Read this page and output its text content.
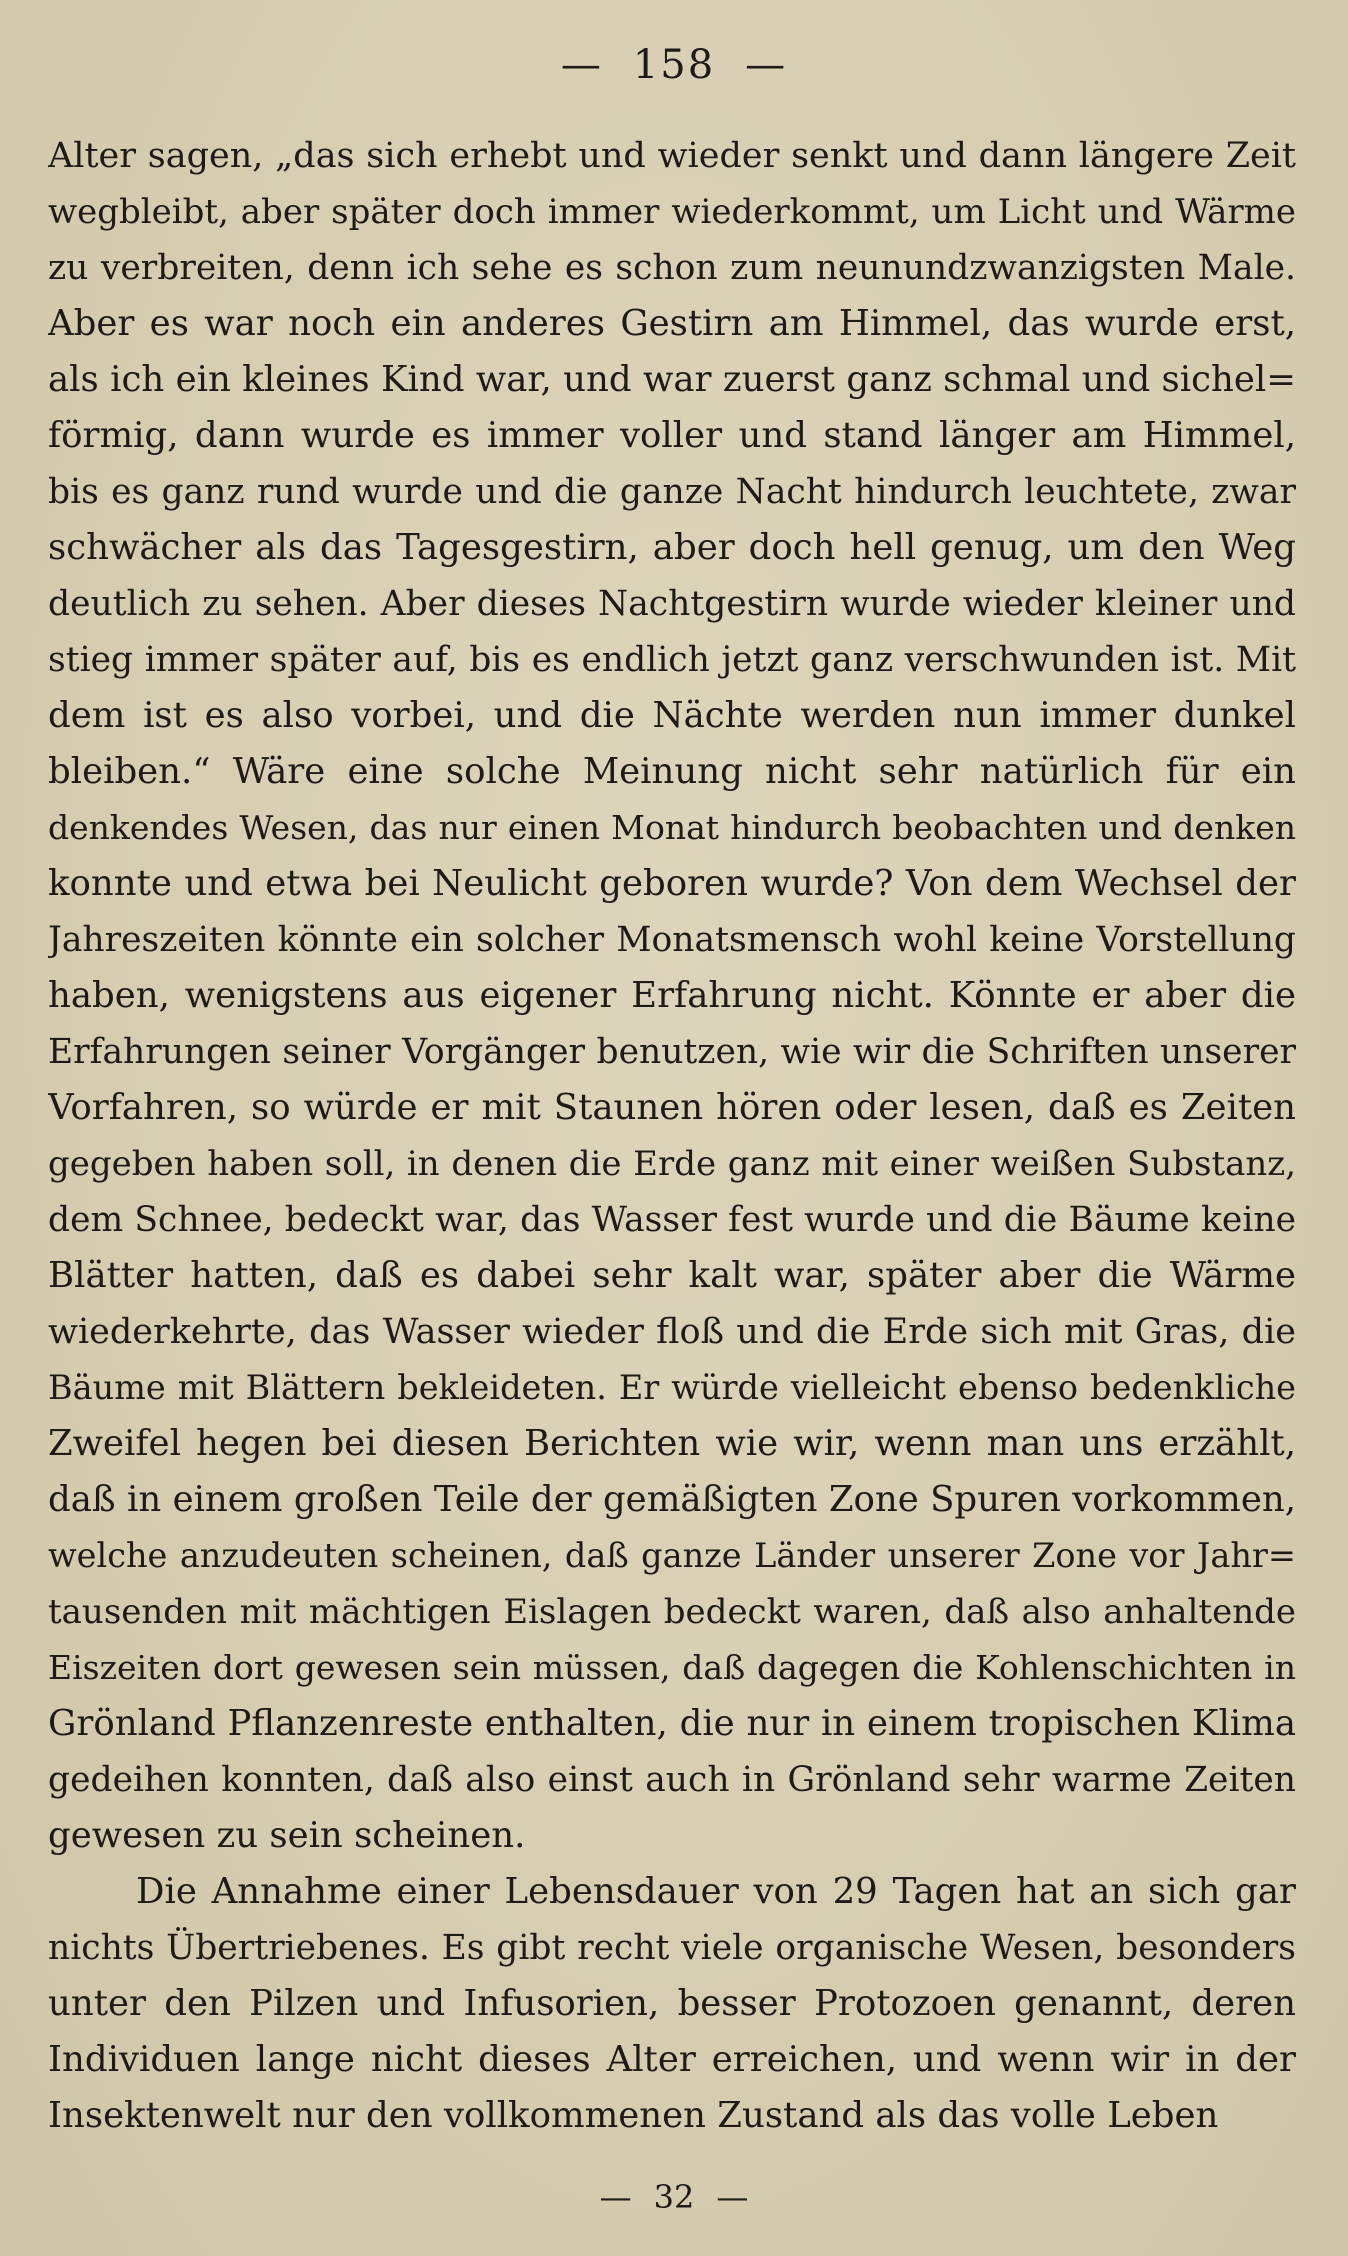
— 158 —
Alter sagen, „das sich erhebt und wieder senkt und dann längere Zeit
wegbleibt, aber später doch immer wiederkommt, um Licht und Wärme
zu verbreiten, denn ich sehe es schon zum neunundzwanzigsten Male.
Aber es war noch ein anderes Gestirn am Himmel, das wurde erst,
als ich ein kleines Kind war, und war zuerst ganz schmal und sichel=
förmig, dann wurde es immer voller und stand länger am Himmel,
bis es ganz rund wurde und die ganze Nacht hindurch leuchtete, zwar
schwächer als das Tagesgestirn, aber doch hell genug, um den Weg
deutlich zu sehen. Aber dieses Nachtgestirn wurde wieder kleiner und
stieg immer später auf, bis es endlich jetzt ganz verschwunden ist. Mit
dem ist es also vorbei, und die Nächte werden nun immer dunkel
bleiben.“ Wäre eine solche Meinung nicht sehr natürlich für ein
denkendes Wesen, das nur einen Monat hindurch beobachten und denken
konnte und etwa bei Neulicht geboren wurde? Von dem Wechsel der
Jahreszeiten könnte ein solcher Monatsmensch wohl keine Vorstellung
haben, wenigstens aus eigener Erfahrung nicht. Könnte er aber die
Erfahrungen seiner Vorgänger benutzen, wie wir die Schriften unserer
Vorfahren, so würde er mit Staunen hören oder lesen, daß es Zeiten
gegeben haben soll, in denen die Erde ganz mit einer weißen Substanz,
dem Schnee, bedeckt war, das Wasser fest wurde und die Bäume keine
Blätter hatten, daß es dabei sehr kalt war, später aber die Wärme
wiederkehrte, das Wasser wieder floß und die Erde sich mit Gras, die
Bäume mit Blättern bekleideten. Er würde vielleicht ebenso bedenkliche
Zweifel hegen bei diesen Berichten wie wir, wenn man uns erzählt,
daß in einem großen Teile der gemäßigten Zone Spuren vorkommen,
welche anzudeuten scheinen, daß ganze Länder unserer Zone vor Jahr=
tausenden mit mächtigen Eislagen bedeckt waren, daß also anhaltende
Eiszeiten dort gewesen sein müssen, daß dagegen die Kohlenschichten in
Grönland Pflanzenreste enthalten, die nur in einem tropischen Klima
gedeihen konnten, daß also einst auch in Grönland sehr warme Zeiten
gewesen zu sein scheinen.
Die Annahme einer Lebensdauer von 29 Tagen hat an sich gar
nichts Übertriebenes. Es gibt recht viele organische Wesen, besonders
unter den Pilzen und Infusorien, besser Protozoen genannt, deren
Individuen lange nicht dieses Alter erreichen, und wenn wir in der
Insektenwelt nur den vollkommenen Zustand als das volle Leben
— 32 —
